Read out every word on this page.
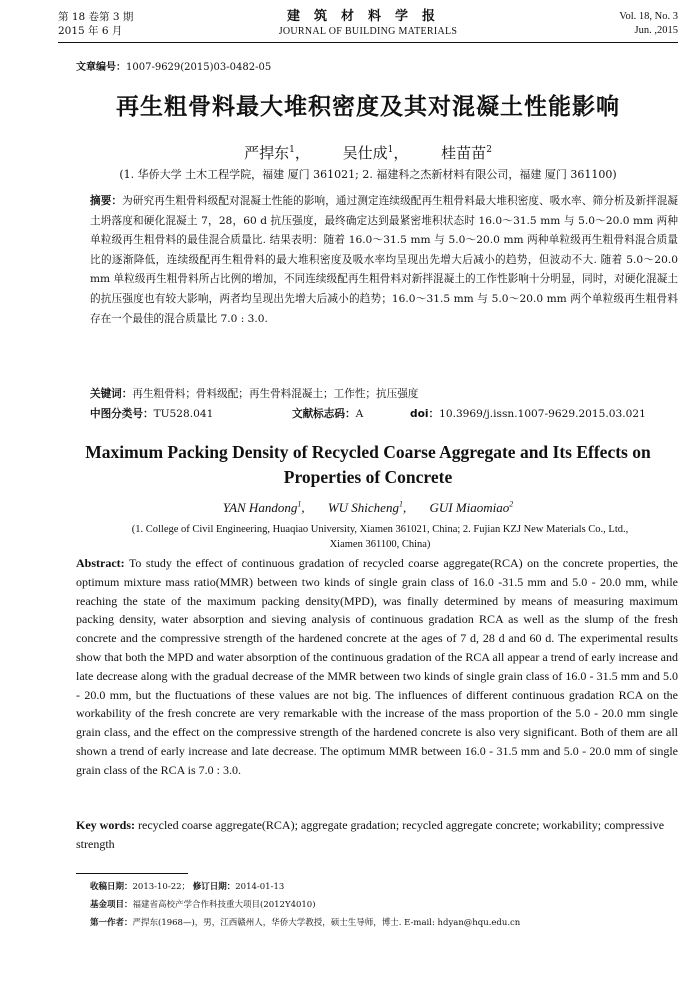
第 18 卷第 3 期
2015 年 6 月
建筑材料学报
JOURNAL OF BUILDING MATERIALS
Vol. 18, No. 3
Jun. ,2015
文章编号：1007-9629(2015)03-0482-05
再生粗骨料最大堆积密度及其对混凝土性能影响
严捍东$^1$， 吴仕成$^1$， 桂苗苗$^2$
(1. 华侨大学 土木工程学院，福建 厦门 361021; 2. 福建科之杰新材料有限公司，福建 厦门 361100)
摘要：为研究再生粗骨料级配对混凝土性能的影响，通过测定连续级配再生粗骨料最大堆积密度、吸水率、筛分析及新拌混凝土坍落度和硬化混凝土 7，28，60 d 抗压强度，最终确定达到最紧密堆积状态时 16.0～31.5 mm 与 5.0～20.0 mm 两种单粒级再生粗骨料的最佳混合质量比. 结果表明：随着 16.0～31.5 mm 与 5.0～20.0 mm 两种单粒级再生粗骨料混合质量比的逐渐降低，连续级配再生粗骨料的最大堆积密度及吸水率均呈现出先增大后减小的趋势，但波动不大. 随着 5.0～20.0 mm 单粒级再生粗骨料所占比例的增加，不同连续级配再生粗骨料对新拌混凝土的工作性影响十分明显，同时，对硬化混凝土的抗压强度也有较大影响，两者均呈现出先增大后减小的趋势；16.0～31.5 mm 与 5.0～20.0 mm 两个单粒级再生粗骨料存在一个最佳的混合质量比 7.0 : 3.0.
关键词：再生粗骨料；骨料级配；再生骨料混凝土；工作性；抗压强度
中图分类号：TU528.041	文献标志码：A	doi：10.3969/j.issn.1007-9629.2015.03.021
Maximum Packing Density of Recycled Coarse Aggregate and Its Effects on Properties of Concrete
YAN Handong$^1$, WU Shicheng$^1$, GUI Miaomiao$^2$
(1. College of Civil Engineering, Huaqiao University, Xiamen 361021, China; 2. Fujian KZJ New Materials Co., Ltd., Xiamen 361100, China)
Abstract: To study the effect of continuous gradation of recycled coarse aggregate(RCA) on the concrete properties, the optimum mixture mass ratio(MMR) between two kinds of single grain class of 16.0 -31.5 mm and 5.0 - 20.0 mm, while reaching the state of the maximum packing density(MPD), was finally determined by means of measuring maximum packing density, water absorption and sieving analysis of continuous gradation RCA as well as the slump of the fresh concrete and the compressive strength of the hardened concrete at the ages of 7 d, 28 d and 60 d. The experimental results show that both the MPD and water absorption of the continuous gradation of the RCA all appear a trend of early increase and late decrease along with the gradual decrease of the MMR between two kinds of single grain class of 16.0 - 31.5 mm and 5.0 - 20.0 mm, but the fluctuations of these values are not big. The influences of different continuous gradation RCA on the workability of the fresh concrete are very remarkable with the increase of the mass proportion of the 5.0 - 20.0 mm single grain class, and the effect on the compressive strength of the hardened concrete is also very significant. Both of them are all shown a trend of early increase and late decrease. The optimum MMR between 16.0 - 31.5 mm and 5.0 - 20.0 mm of single grain class of the RCA is 7.0 : 3.0.
Key words: recycled coarse aggregate(RCA); aggregate gradation; recycled aggregate concrete; workability; compressive strength
收稿日期：2013-10-22； 修订日期：2014-01-13
基金项目：福建省高校产学合作科技重大项目(2012Y4010)
第一作者：严捍东(1968—)，男，江西赣州人，华侨大学教授，硕士生导师，博士. E-mail: hdyan@hqu.edu.cn
